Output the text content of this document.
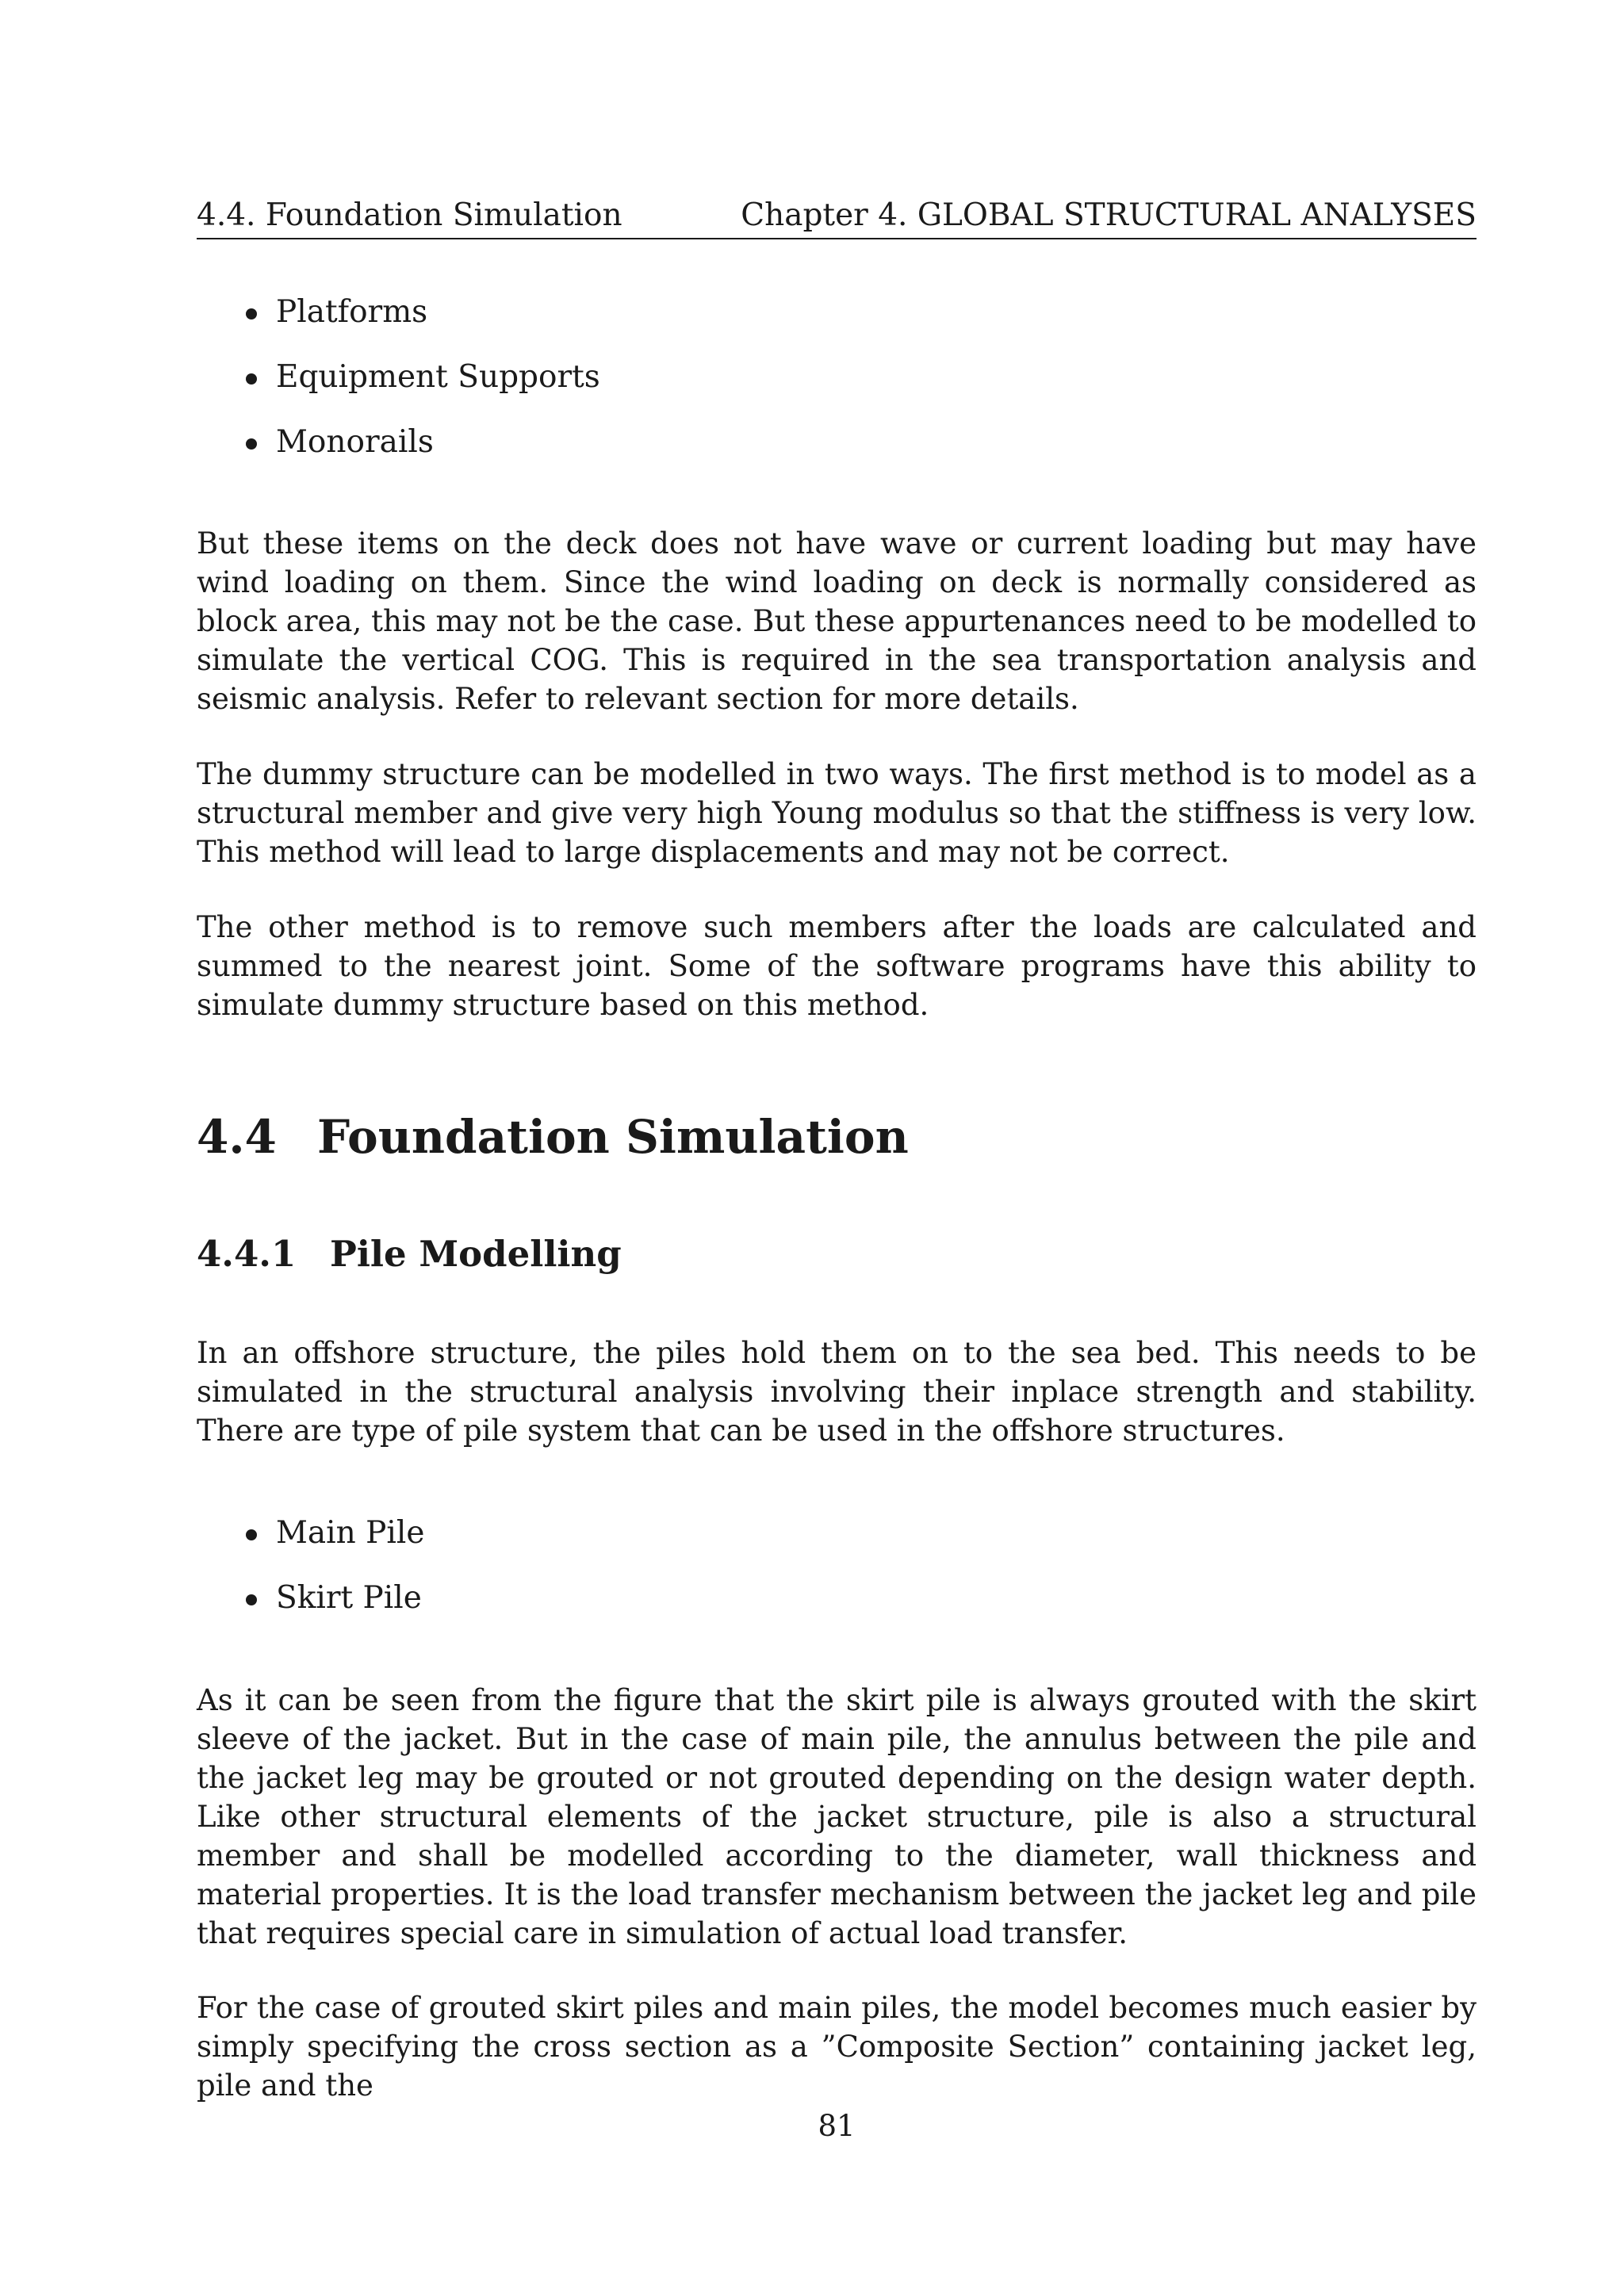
4.4. Foundation Simulation	Chapter 4. GLOBAL STRUCTURAL ANALYSES
Platforms
Equipment Supports
Monorails

But these items on the deck does not have wave or current loading but may have wind loading on them. Since the wind loading on deck is normally considered as block area, this may not be the case. But these appurtenances need to be modelled to simulate the vertical COG. This is required in the sea transportation analysis and seismic analysis. Refer to relevant section for more details.

The dummy structure can be modelled in two ways. The first method is to model as a structural member and give very high Young modulus so that the stiffness is very low. This method will lead to large displacements and may not be correct.

The other method is to remove such members after the loads are calculated and summed to the nearest joint. Some of the software programs have this ability to simulate dummy structure based on this method.

4.4 Foundation Simulation
4.4.1 Pile Modelling

In an offshore structure, the piles hold them on to the sea bed. This needs to be simulated in the structural analysis involving their inplace strength and stability. There are type of pile system that can be used in the offshore structures.

Main Pile
Skirt Pile

As it can be seen from the figure that the skirt pile is always grouted with the skirt sleeve of the jacket. But in the case of main pile, the annulus between the pile and the jacket leg may be grouted or not grouted depending on the design water depth. Like other structural elements of the jacket structure, pile is also a structural member and shall be modelled according to the diameter, wall thickness and material properties. It is the load transfer mechanism between the jacket leg and pile that requires special care in simulation of actual load transfer.

For the case of grouted skirt piles and main piles, the model becomes much easier by simply specifying the cross section as a ”Composite Section” containing jacket leg, pile and the

81
